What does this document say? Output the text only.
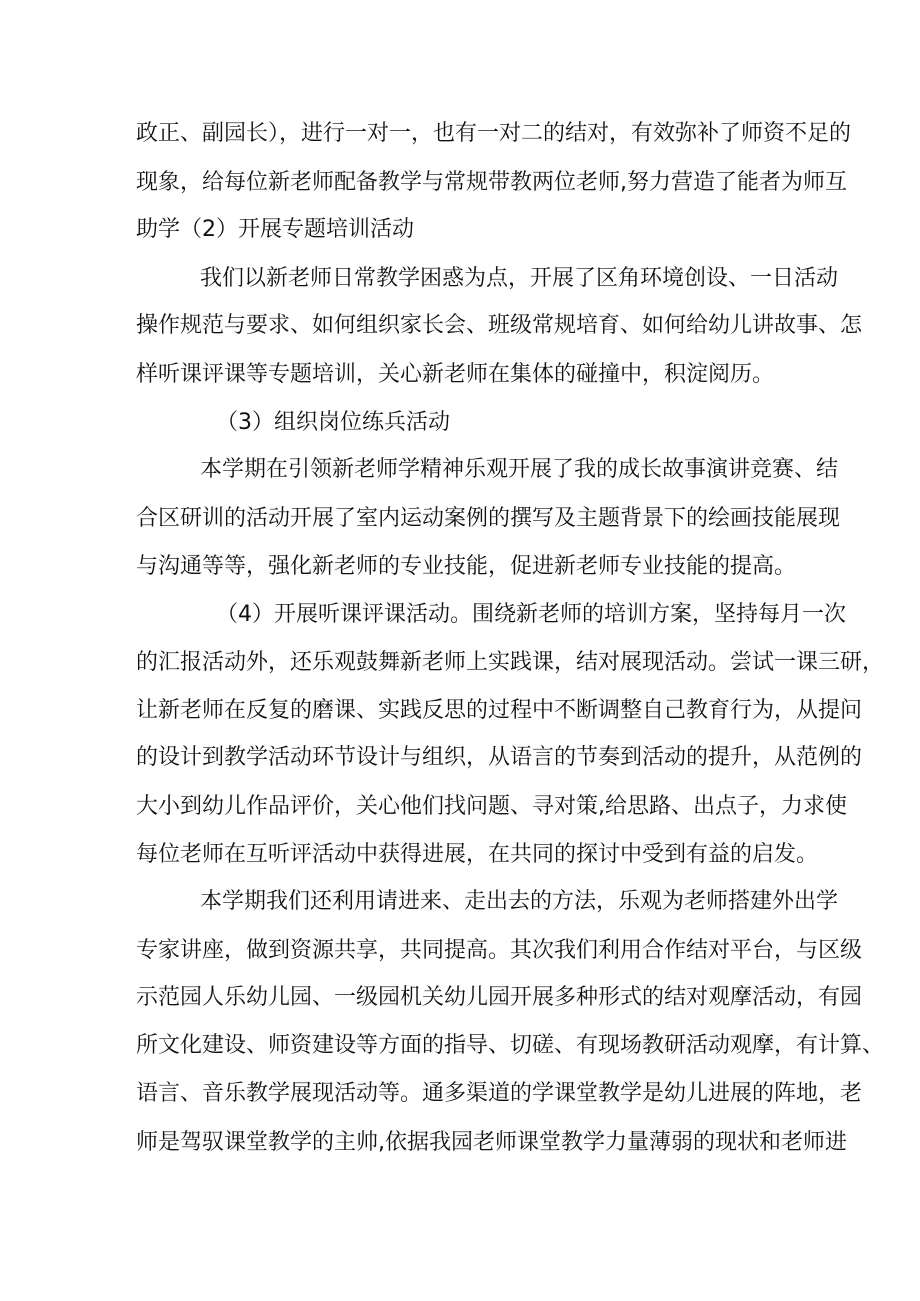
政正、副园长），进行一对一，也有一对二的结对，有效弥补了师资不足的
现象，给每位新老师配备教学与常规带教两位老师,努力营造了能者为师互
助学（2）开展专题培训活动
我们以新老师日常教学困惑为点，开展了区角环境创设、一日活动
操作规范与要求、如何组织家长会、班级常规培育、如何给幼儿讲故事、怎
样听课评课等专题培训，关心新老师在集体的碰撞中，积淀阅历。
（3）组织岗位练兵活动
本学期在引领新老师学精神乐观开展了我的成长故事演讲竞赛、结
合区研训的活动开展了室内运动案例的撰写及主题背景下的绘画技能展现
与沟通等等，强化新老师的专业技能，促进新老师专业技能的提高。
（4）开展听课评课活动。围绕新老师的培训方案，坚持每月一次
的汇报活动外，还乐观鼓舞新老师上实践课，结对展现活动。尝试一课三研，
让新老师在反复的磨课、实践反思的过程中不断调整自己教育行为，从提问
的设计到教学活动环节设计与组织，从语言的节奏到活动的提升，从范例的
大小到幼儿作品评价，关心他们找问题、寻对策,给思路、出点子，力求使
每位老师在互听评活动中获得进展，在共同的探讨中受到有益的启发。
本学期我们还利用请进来、走出去的方法，乐观为老师搭建外出学
专家讲座，做到资源共享，共同提高。其次我们利用合作结对平台，与区级
示范园人乐幼儿园、一级园机关幼儿园开展多种形式的结对观摩活动，有园
所文化建设、师资建设等方面的指导、切磋、有现场教研活动观摩，有计算、
语言、音乐教学展现活动等。通多渠道的学课堂教学是幼儿进展的阵地，老
师是驾驭课堂教学的主帅,依据我园老师课堂教学力量薄弱的现状和老师进
